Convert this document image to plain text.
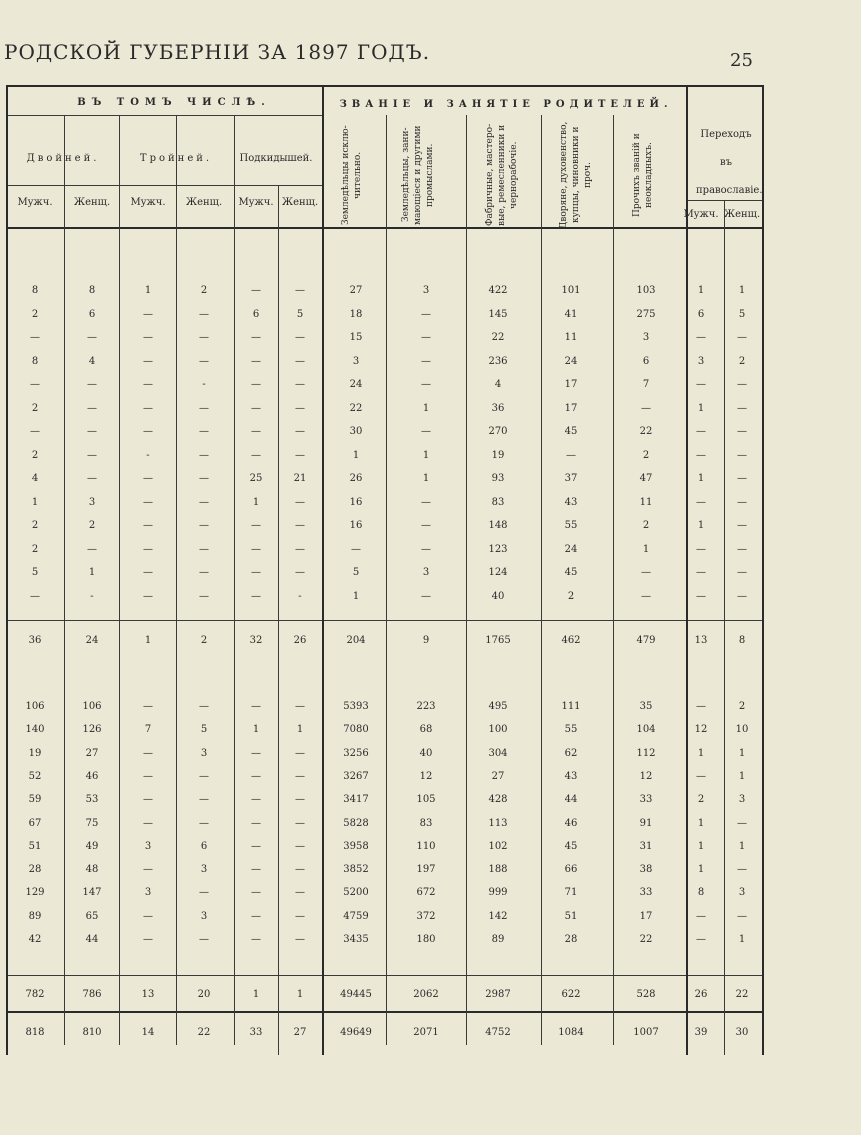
РОДСКОЙ ГУБЕРНІИ ЗА 1897 ГОДЪ.	25
ВЪ ТОМЪ ЧИСЛѢ.	ЗВАНІЕ И ЗАНЯТІЕ РОДИТЕЛЕЙ.
Переходъ въ православіе.
Двойней.	Тройней.	Подкидышей.	Земледѣльцы исклю-чительно.	Земледѣльцы, зани-мающіеся и другими промыслами.	Фабричные, мастеро-вые, ремесленники и чернорабочіе.	Дворяне, духовенство, купцы, чиновники и проч.	Прочихъ званій и неокладныхъ.
Мужч. Женщ. Мужч. Женщ. Мужч. Женщ.
Мужч. Женщ.
8	8	1	2	—	—	27	3	422	101	103	1	1
2	6	—	—	6	5	18	—	145	41	275	6	5
—	—	—	—	—	—	15	—	22	11	3	—	—
8	4	—	—	—	—	3	—	236	24	6	3	2
—	—	—	-	—	—	24	—	4	17	7	—	—
2	—	—	—	—	—	22	1	36	17	—	1	—
—	—	—	—	—	—	30	—	270	45	22	—	—
2	—	-	—	—	—	1	1	19	—	2	—	—
4	—	—	—	25	21	26	1	93	37	47	1	—
1	3	—	—	1	—	16	—	83	43	11	—	—
2	2	—	—	—	—	16	—	148	55	2	1	—
2	—	—	—	—	—	—	—	123	24	1	—	—
5	1	—	—	—	—	5	3	124	45	—	—	—
—	-	—	—	—	-	1	—	40	2	—	—	—
36	24	1	2	32	26	204	9	1765	462	479	13	8
106	106	—	—	—	—	5393	223	495	111	35	—	2
140	126	7	5	1	1	7080	68	100	55	104	12	10
19	27	—	3	—	—	3256	40	304	62	112	1	1
52	46	—	—	—	—	3267	12	27	43	12	—	1
59	53	—	—	—	—	3417	105	428	44	33	2	3
67	75	—	—	—	—	5828	83	113	46	91	1	—
51	49	3	6	—	—	3958	110	102	45	31	1	1
28	48	—	3	—	—	3852	197	188	66	38	1	—
129	147	3	—	—	—	5200	672	999	71	33	8	3
89	65	—	3	—	—	4759	372	142	51	17	—	—
42	44	—	—	—	—	3435	180	89	28	22	—	1
782	786	13	20	1	1	49445	2062	2987	622	528	26	22
818	810	14	22	33	27	49649	2071	4752	1084	1007	39	30
